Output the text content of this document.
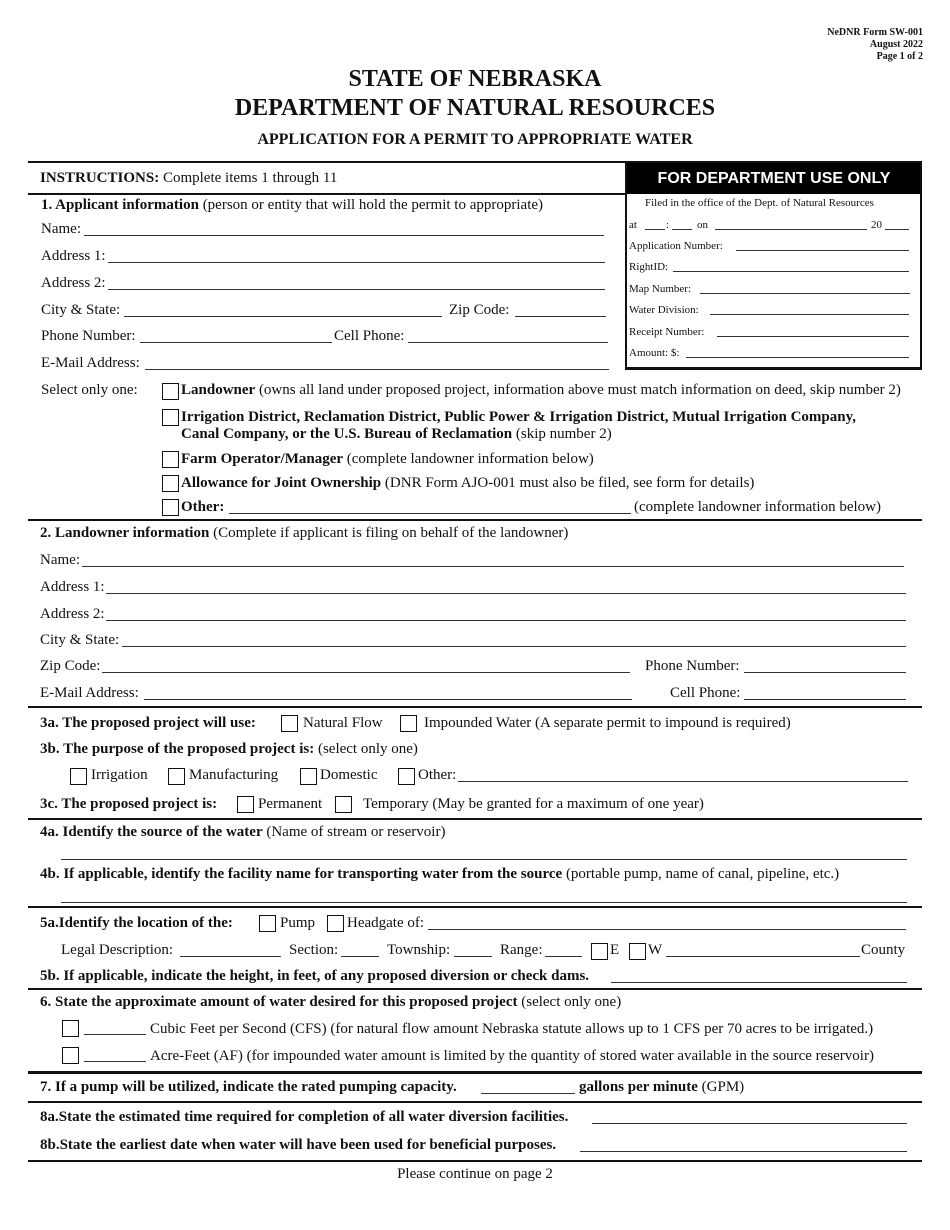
NeDNR Form SW-001
August 2022
Page 1 of 2
STATE OF NEBRASKA
DEPARTMENT OF NATURAL RESOURCES
APPLICATION FOR A PERMIT TO APPROPRIATE WATER
INSTRUCTIONS: Complete items 1 through 11	FOR DEPARTMENT USE ONLY
Filed in the office of the Dept. of Natural Resources
at	:	on	20
Application Number:
RightID:
Map Number:
Water Division:
Receipt Number:
Amount: $:
1. Applicant information (person or entity that will hold the permit to appropriate)
Name:
Address 1:
Address 2:
City & State:	Zip Code:
Phone Number:	Cell Phone:
E-Mail Address:
Select only one:	Landowner (owns all land under proposed project, information above must match information on deed, skip number 2)
Irrigation District, Reclamation District, Public Power & Irrigation District, Mutual Irrigation Company,
Canal Company, or the U.S. Bureau of Reclamation (skip number 2)
Farm Operator/Manager (complete landowner information below)
Allowance for Joint Ownership (DNR Form AJO-001 must also be filed, see form for details)
Other:	(complete landowner information below)
2. Landowner information (Complete if applicant is filing on behalf of the landowner)
Name:
Address 1:
Address 2:
City & State:
Zip Code:	Phone Number:
E-Mail Address:	Cell Phone:
3a. The proposed project will use:	Natural Flow	Impounded Water (A separate permit to impound is required)
3b. The purpose of the proposed project is: (select only one)
Irrigation	Manufacturing	Domestic	Other:
3c. The proposed project is:	Permanent	Temporary (May be granted for a maximum of one year)
4a. Identify the source of the water (Name of stream or reservoir)
4b. If applicable, identify the facility name for transporting water from the source (portable pump, name of canal, pipeline, etc.)
5a.Identify the location of the:	Pump Headgate of:
Legal Description:	Section:	Township:	Range:	E W	County
5b. If applicable, indicate the height, in feet, of any proposed diversion or check dams.
6. State the approximate amount of water desired for this proposed project (select only one)
Cubic Feet per Second (CFS) (for natural flow amount Nebraska statute allows up to 1 CFS per 70 acres to be irrigated.)
Acre-Feet (AF) (for impounded water amount is limited by the quantity of stored water available in the source reservoir)
7. If a pump will be utilized, indicate the rated pumping capacity.	gallons per minute (GPM)
8a.State the estimated time required for completion of all water diversion facilities.
8b.State the earliest date when water will have been used for beneficial purposes.
Please continue on page 2
